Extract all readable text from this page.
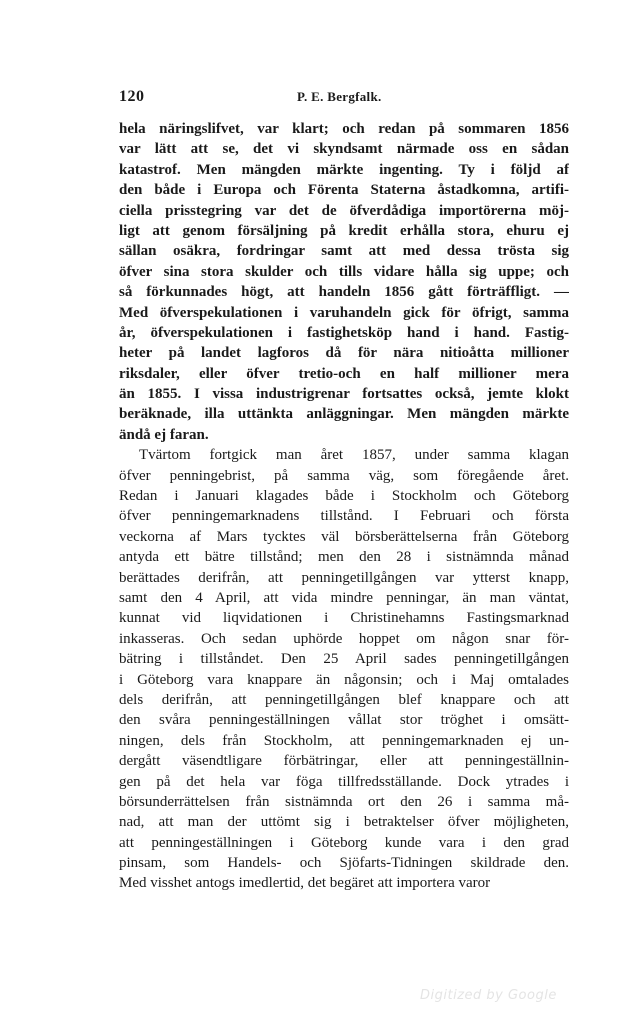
120	P. E. Bergfalk.
hela näringslifvet, var klart; och redan på sommaren 1856
var lätt att se, det vi skyndsamt närmade oss en sådan
katastrof. Men mängden märkte ingenting. Ty i följd af
den både i Europa och Förenta Staterna åstadkomna, artifi-
ciella prisstegring var det de öfverdådiga importörerna möj-
ligt att genom försäljning på kredit erhålla stora, ehuru ej
sällan osäkra, fordringar samt att med dessa trösta sig
öfver sina stora skulder och tills vidare hålla sig uppe; och
så förkunnades högt, att handeln 1856 gått förträffligt. —
Med öfverspekulationen i varuhandeln gick för öfrigt, samma
år, öfverspekulationen i fastighetsköp hand i hand. Fastig-
heter på landet lagforos då för nära nitioåtta millioner
riksdaler, eller öfver tretio-och en half millioner mera
än 1855. I vissa industrigrenar fortsattes också, jemte klokt
beräknade, illa uttänkta anläggningar. Men mängden märkte
ändå ej faran.
Tvärtom fortgick man året 1857, under samma klagan
öfver penningebrist, på samma väg, som föregående året.
Redan i Januari klagades både i Stockholm och Göteborg
öfver penningemarknadens tillstånd. I Februari och första
veckorna af Mars tycktes väl börsberättelserna från Göteborg
antyda ett bätre tillstånd; men den 28 i sistnämnda månad
berättades derifrån, att penningetillgången var ytterst knapp,
samt den 4 April, att vida mindre penningar, än man väntat,
kunnat vid liqvidationen i Christinehamns Fastingsmarknad
inkasseras. Och sedan uphörde hoppet om någon snar för-
bätring i tillståndet. Den 25 April sades penningetillgången
i Göteborg vara knappare än någonsin; och i Maj omtalades
dels derifrån, att penningetillgången blef knappare och att
den svåra penningeställningen vållat stor tröghet i omsätt-
ningen, dels från Stockholm, att penningemarknaden ej un-
dergått väsendtligare förbätringar, eller att penningeställnin-
gen på det hela var föga tillfredsställande. Dock ytrades i
börsunderrättelsen från sistnämnda ort den 26 i samma må-
nad, att man der uttömt sig i betraktelser öfver möjligheten,
att penningeställningen i Göteborg kunde vara i den grad
pinsam, som Handels- och Sjöfarts-Tidningen skildrade den.
Med visshet antogs imedlertid, det begäret att importera varor
Digitized by Google
